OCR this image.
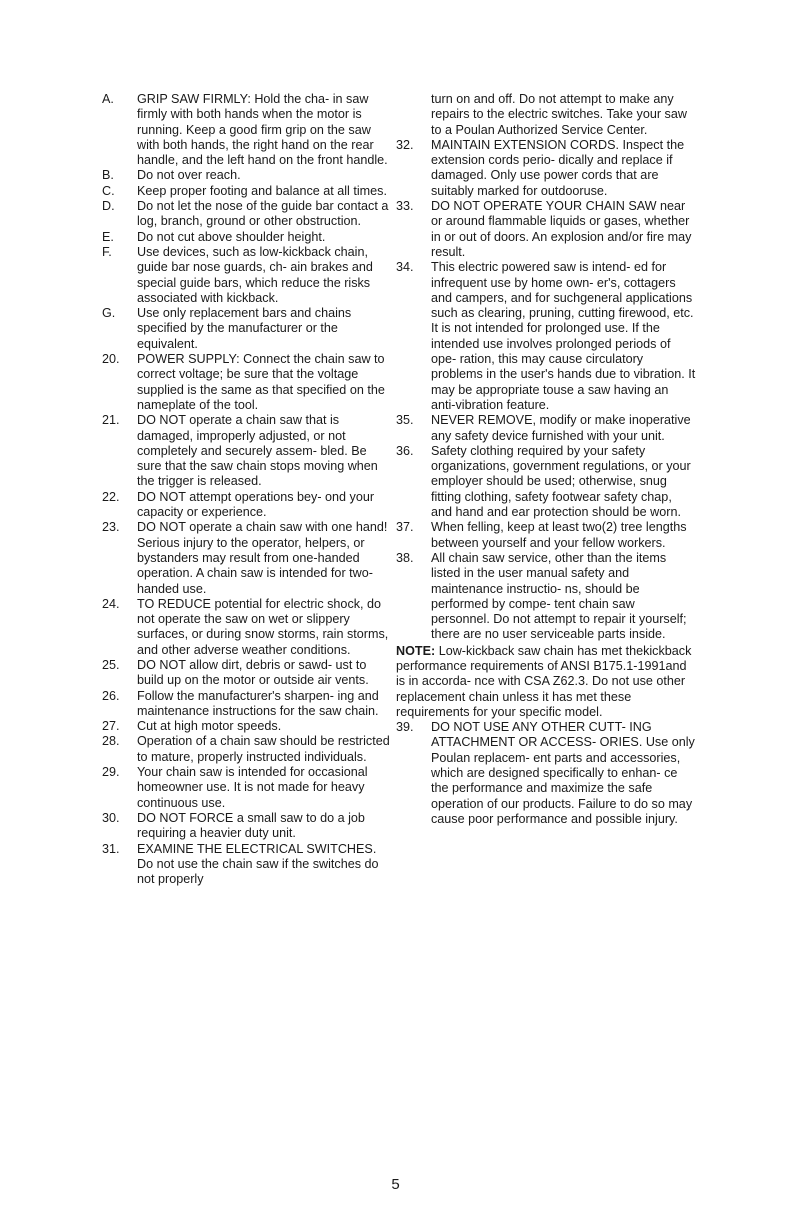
A.	GRIP SAW FIRMLY: Hold the cha- in saw firmly with both hands when the motor is running. Keep a good firm grip on the saw with both hands, the right hand on the rear handle, and the left hand on the front handle.
B.	Do not over reach.
C.	Keep proper footing and balance at all times.
D.	Do not let the nose of the guide bar contact a log, branch, ground or other obstruction.
E.	Do not cut above shoulder height.
F.	Use devices, such as low-kickback chain, guide bar nose guards, ch- ain brakes and special guide bars, which reduce the risks associated with kickback.
G.	Use only replacement bars and chains specified by the manufacturer or the equivalent.
20.	POWER SUPPLY: Connect the chain saw to correct voltage; be sure that the voltage supplied is the same as that specified on the nameplate of the tool.
21.	DO NOT operate a chain saw that is damaged, improperly adjusted, or not completely and securely assem- bled. Be sure that the saw chain stops moving when the trigger is released.
22.	DO NOT attempt operations bey- ond your capacity or experience.
23.	DO NOT operate a chain saw with one hand! Serious injury to the operator, helpers, or bystanders may result from one-handed operation. A chain saw is intended for two-handed use.
24.	TO REDUCE potential for electric shock, do not operate the saw on wet or slippery surfaces, or during snow storms, rain storms, and other adverse weather conditions.
25.	DO NOT allow dirt, debris or sawd- ust to build up on the motor or outside air vents.
26.	Follow the manufacturer's sharpen- ing and maintenance instructions for the saw chain.
27.	Cut at high motor speeds.
28.	Operation of a chain saw should be restricted to mature, properly instructed individuals.
29.	Your chain saw is intended for occasional homeowner use. It is not made for heavy continuous use.
30.	DO NOT FORCE a small saw to do a job requiring a heavier duty unit.
31.	EXAMINE THE ELECTRICAL SWITCHES. Do not use the chain saw if the switches do not properly
turn on and off. Do not attempt to make any repairs to the electric switches. Take your saw to a Poulan Authorized Service Center.
32.	MAINTAIN EXTENSION CORDS. Inspect the extension cords perio- dically and replace if damaged. Only use power cords that are suitably marked for outdooruse.
33.	DO NOT OPERATE YOUR CHAIN SAW near or around flammable liquids or gases, whether in or out of doors. An explosion and/or fire may result.
34.	This electric powered saw is intend- ed for infrequent use by home own- er's, cottagers and campers, and for suchgeneral applications such as clearing, pruning, cutting firewood, etc. It is not intended for prolonged use. If the intended use involves prolonged periods of ope- ration, this may cause circulatory problems in the user's hands due to vibration. It may be appropriate touse a saw having an anti-vibration feature.
35.	NEVER REMOVE, modify or make inoperative any safety device furnished with your unit.
36.	Safety clothing required by your safety organizations, government regulations, or your employer should be used; otherwise, snug fitting clothing, safety footwear safety chap, and hand and ear protection should be worn.
37.	When felling, keep at least two(2) tree lengths between yourself and your fellow workers.
38.	All chain saw service, other than the items listed in the user manual safety and maintenance instructio- ns, should be performed by compe- tent chain saw personnel. Do not attempt to repair it yourself; there are no user serviceable parts inside.

NOTE: Low-kickback saw chain has met thekickback performance requirements of ANSI B175.1-1991and is in accorda- nce with CSA Z62.3. Do not use other replacement chain unless it has met these requirements for your specific model.

39.	DO NOT USE ANY OTHER CUTT- ING ATTACHMENT OR ACCESS- ORIES. Use only Poulan replacem- ent parts and accessories, which are designed specifically to enhan- ce the performance and maximize the safe operation of our products. Failure to do so may cause poor performance and possible injury.
5
